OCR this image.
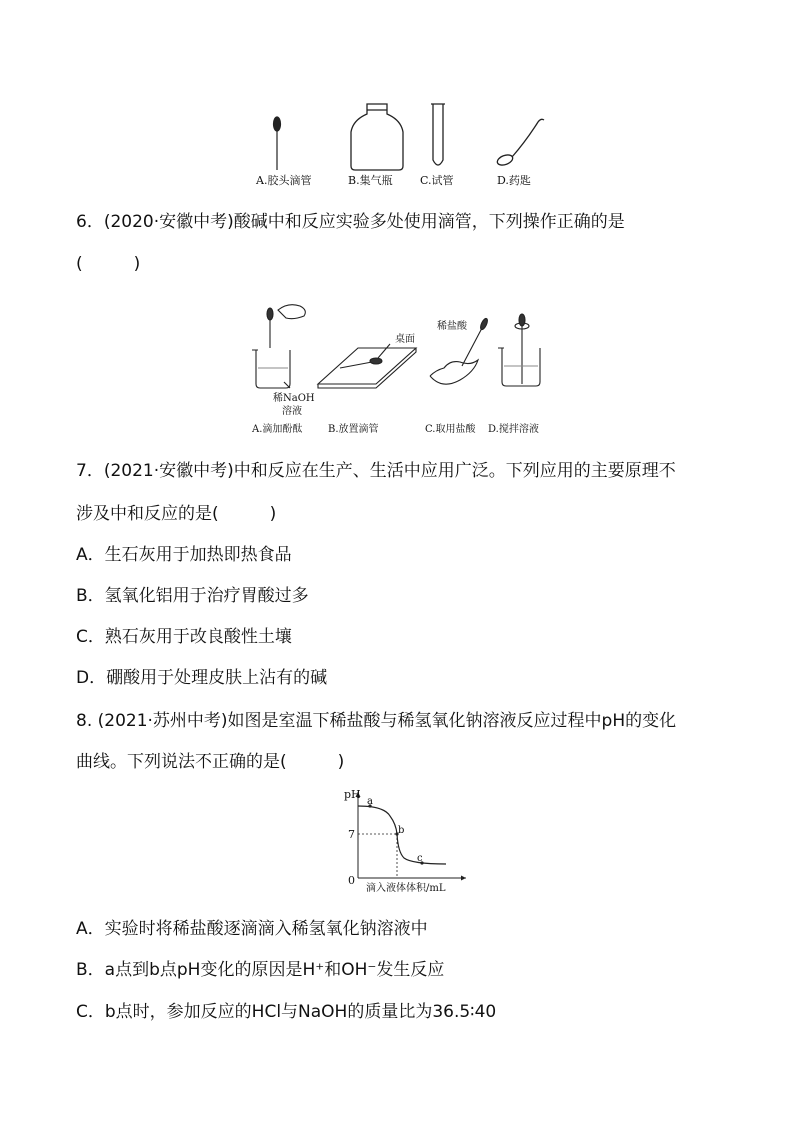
A.胶头滴管	B.集气瓶 C.试管	D.药匙
6．(2020·安徽中考)酸碱中和反应实验多处使用滴管，下列操作正确的是
(　　　)
桌面
稀盐酸
稀NaOH
溶液
A.滴加酚酞	B.放置滴管	C.取用盐酸 D.搅拌溶液
7．(2021·安徽中考)中和反应在生产、生活中应用广泛。下列应用的主要原理不
涉及中和反应的是(　　　)
A．生石灰用于加热即热食品
B．氢氧化铝用于治疗胃酸过多
C．熟石灰用于改良酸性土壤
D．硼酸用于处理皮肤上沾有的碱
8. (2021·苏州中考)如图是室温下稀盐酸与稀氢氧化钠溶液反应过程中pH的变化
曲线。下列说法不正确的是(　　　)
pH
a
b
c
7
0
滴入液体体积/mL
A．实验时将稀盐酸逐滴滴入稀氢氧化钠溶液中
B．a点到b点pH变化的原因是H⁺和OH⁻发生反应
C．b点时，参加反应的HCl与NaOH的质量比为36.5∶40
